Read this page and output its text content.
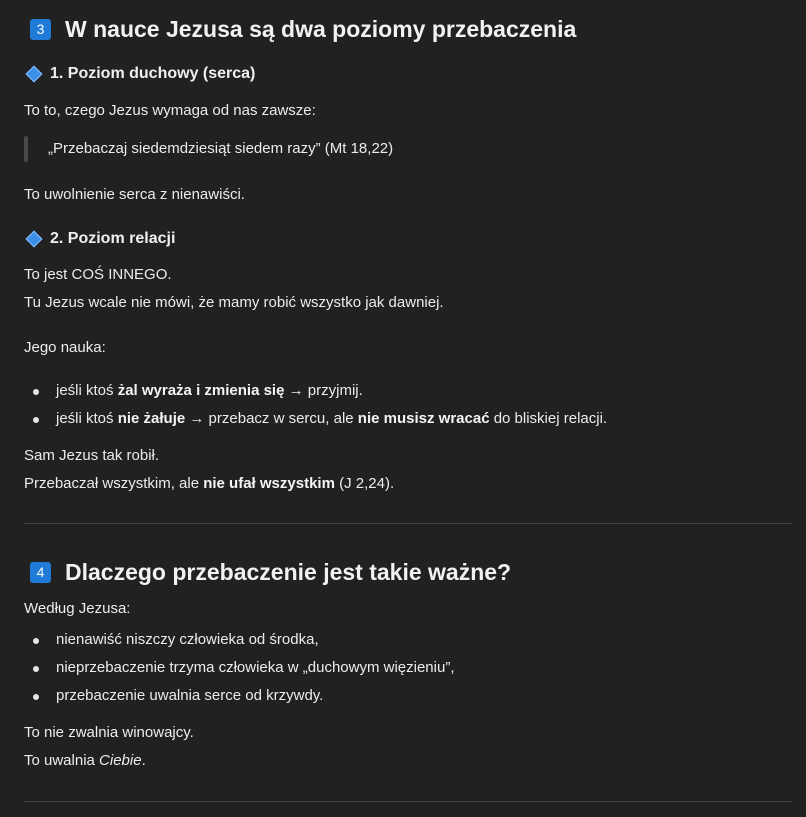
3 W nauce Jezusa są dwa poziomy przebaczenia
1. Poziom duchowy (serca)
To to, czego Jezus wymaga od nas zawsze:
„Przebaczaj siedemdziesiąt siedem razy” (Mt 18,22)
To uwolnienie serca z nienawiści.
2. Poziom relacji
To jest COŚ INNEGO.
Tu Jezus wcale nie mówi, że mamy robić wszystko jak dawniej.
Jego nauka:
jeśli ktoś żal wyraża i zmienia się → przyjmij.
jeśli ktoś nie żałuje → przebacz w sercu, ale nie musisz wracać do bliskiej relacji.
Sam Jezus tak robił.
Przebaczał wszystkim, ale nie ufał wszystkim (J 2,24).
4 Dlaczego przebaczenie jest takie ważne?
Według Jezusa:
nienawiść niszczy człowieka od środka,
nieprzebaczenie trzyma człowieka w „duchowym więzieniu”,
przebaczenie uwalnia serce od krzywdy.
To nie zwalnia winowajcy.
To uwalnia Ciebie.
